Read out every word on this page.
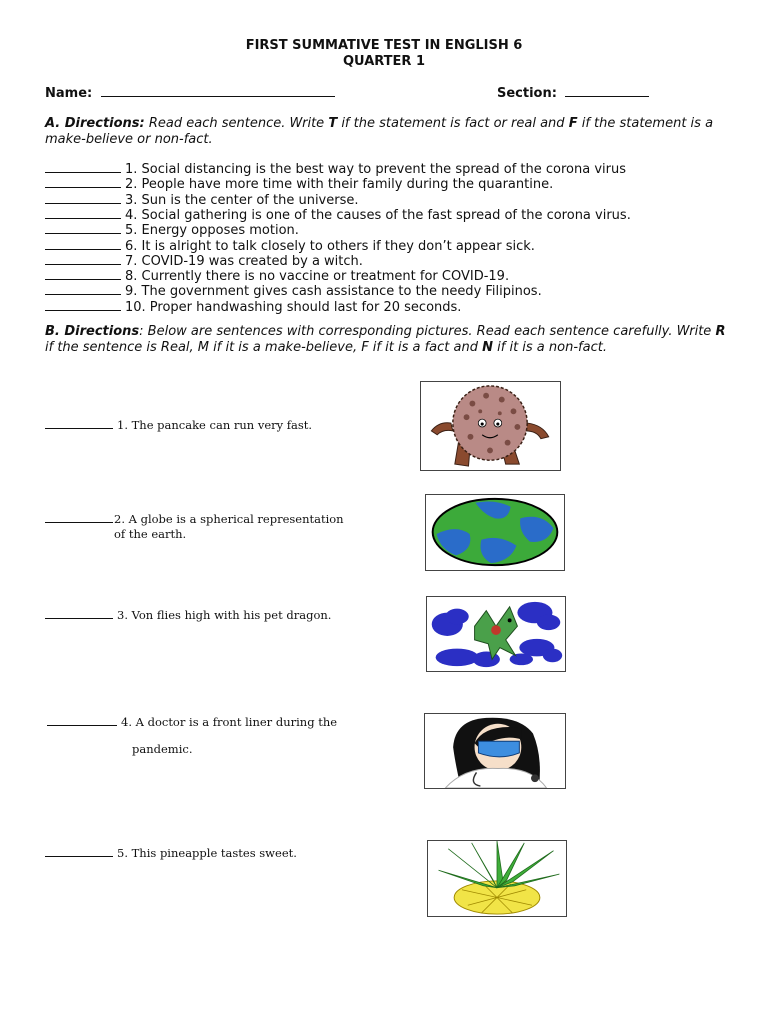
FIRST SUMMATIVE TEST IN ENGLISH 6
QUARTER 1
Name:	Section:
A. Directions: Read each sentence. Write T if the statement is fact or real and F if the statement is a make-believe or non-fact.
1. Social distancing is the best way to prevent the spread of the corona virus
2. People have more time with their family during the quarantine.
3. Sun is the center of the universe.
4. Social gathering is one of the causes of the fast spread of the corona virus.
5. Energy opposes motion.
6. It is alright to talk closely to others if they don’t appear sick.
7. COVID-19 was created by a witch.
8. Currently there is no vaccine or treatment for COVID-19.
9. The government gives cash assistance to the needy Filipinos.
10. Proper handwashing should last for 20 seconds.
B. Directions: Below are sentences with corresponding pictures. Read each sentence carefully. Write R if the sentence is Real, M if it is a make-believe, F if it is a fact and N if it is a non-fact.
1. The pancake can run very fast.
2. A globe is a spherical representation
of the earth.
3. Von flies high with his pet dragon.
4. A doctor is a front liner during the
pandemic.
5. This pineapple tastes sweet.
